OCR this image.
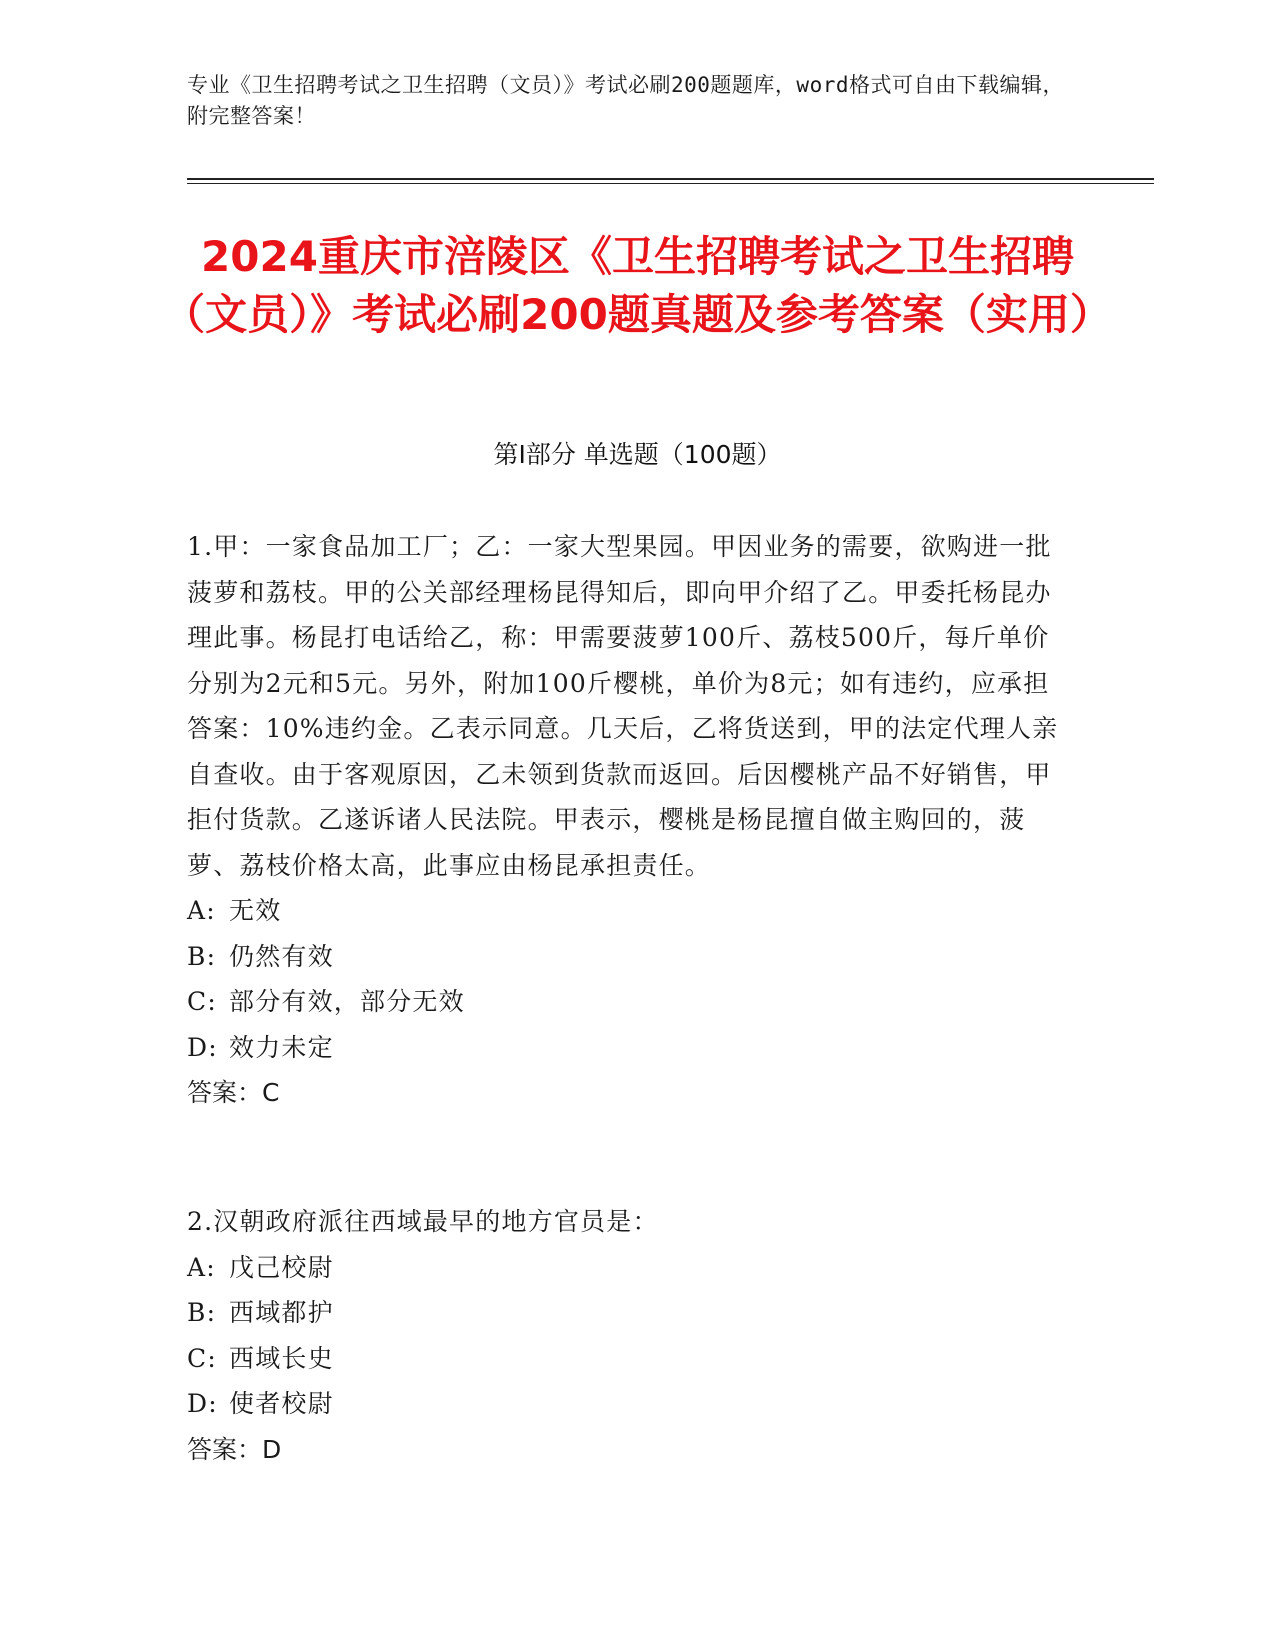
专业《卫生招聘考试之卫生招聘（文员）》考试必刷200题题库，word格式可自由下载编辑，附完整答案！
2024重庆市涪陵区《卫生招聘考试之卫生招聘（文员）》考试必刷200题真题及参考答案（实用）
第Ⅰ部分 单选题（100题）

1.甲：一家食品加工厂；乙：一家大型果园。甲因业务的需要，欲购进一批菠萝和荔枝。甲的公关部经理杨昆得知后，即向甲介绍了乙。甲委托杨昆办理此事。杨昆打电话给乙，称：甲需要菠萝100斤、荔枝500斤，每斤单价分别为2元和5元。另外，附加100斤樱桃，单价为8元；如有违约，应承担答案：10%违约金。乙表示同意。几天后，乙将货送到，甲的法定代理人亲自查收。由于客观原因，乙未领到货款而返回。后因樱桃产品不好销售，甲拒付货款。乙遂诉诸人民法院。甲表示，樱桃是杨昆擅自做主购回的，菠萝、荔枝价格太高，此事应由杨昆承担责任。

A: 无效

B: 仍然有效

C: 部分有效，部分无效

D: 效力未定

答案：C

2.汉朝政府派往西域最早的地方官员是：

A: 戊己校尉

B: 西域都护

C: 西域长史

D: 使者校尉

答案：D
